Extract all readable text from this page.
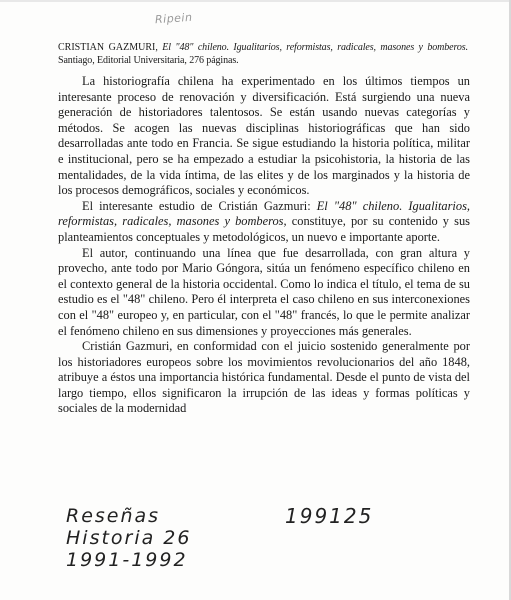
Ripein
CRISTIAN GAZMURI, El "48" chileno. Igualitarios, reformistas, radicales, masones y bomberos. Santiago, Editorial Universitaria, 276 páginas.

La historiografía chilena ha experimentado en los últimos tiempos un interesante proceso de renovación y diversificación. Está surgiendo una nueva generación de historiadores talentosos. Se están usando nuevas categorías y métodos. Se acogen las nuevas disciplinas historiográficas que han sido desarrolladas ante todo en Francia. Se sigue estudiando la historia política, militar e institucional, pero se ha empezado a estudiar la psicohistoria, la historia de las mentalidades, de la vida íntima, de las elites y de los marginados y la historia de los procesos demográficos, sociales y económicos.

El interesante estudio de Cristián Gazmuri: El "48" chileno. Igualitarios, reformistas, radicales, masones y bomberos, constituye, por su contenido y sus planteamientos conceptuales y metodológicos, un nuevo e importante aporte.

El autor, continuando una línea que fue desarrollada, con gran altura y provecho, ante todo por Mario Góngora, sitúa un fenómeno específico chileno en el contexto general de la historia occidental. Como lo indica el título, el tema de su estudio es el "48" chileno. Pero él interpreta el caso chileno en sus interconexiones con el "48" europeo y, en particular, con el "48" francés, lo que le permite analizar el fenómeno chileno en sus dimensiones y proyecciones más generales.

Cristián Gazmuri, en conformidad con el juicio sostenido generalmente por los historiadores europeos sobre los movimientos revolucionarios del año 1848, atribuye a éstos una importancia histórica fundamental. Desde el punto de vista del largo tiempo, ellos significaron la irrupción de las ideas y formas políticas y sociales de la modernidad

Reseñas
Historia 26
1991-1992
199125
